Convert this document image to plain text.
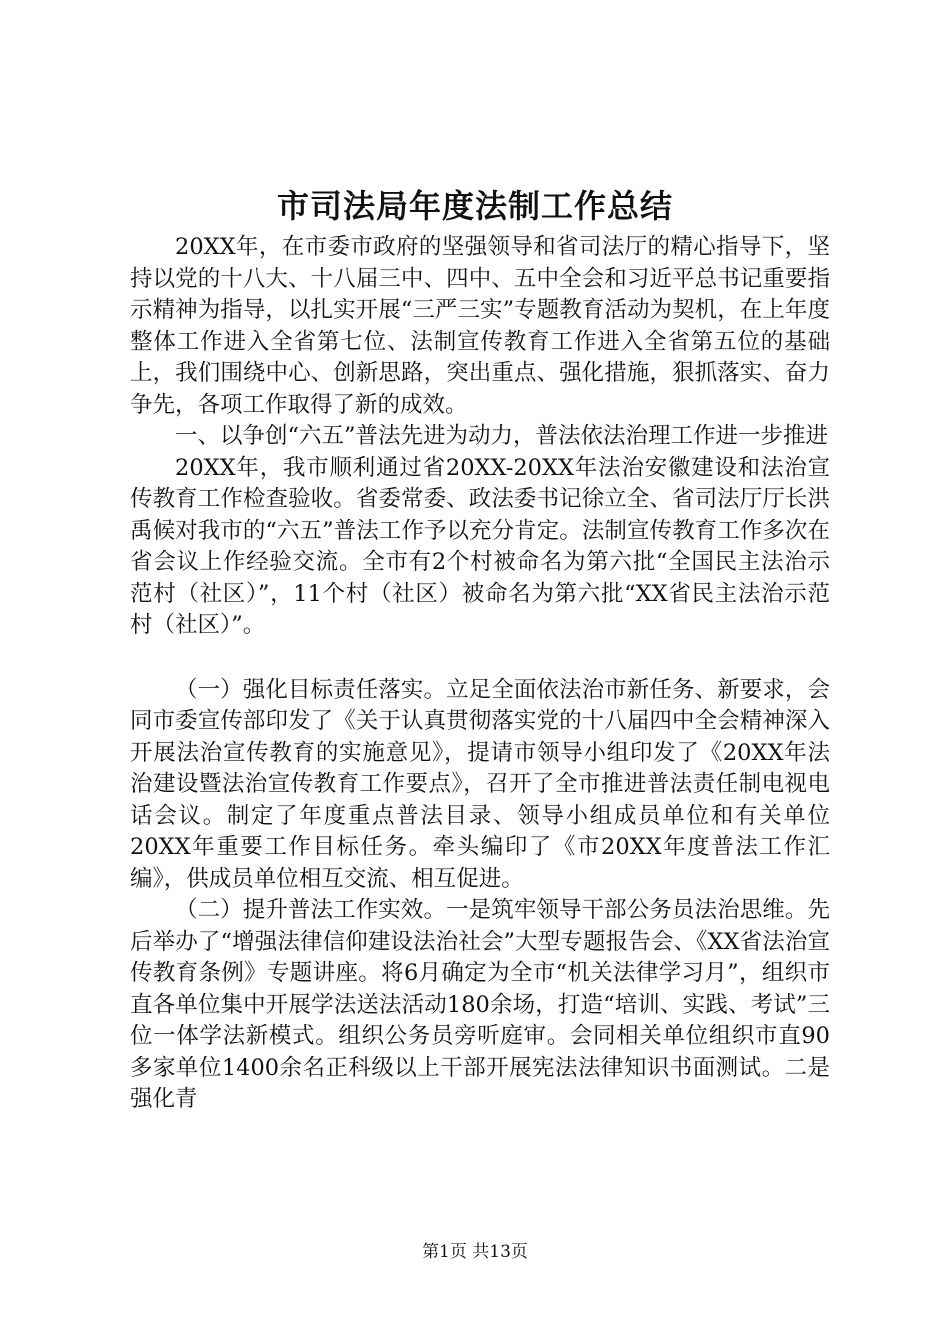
市司法局年度法制工作总结

20XX年，在市委市政府的坚强领导和省司法厅的精心指导下，坚持以党的十八大、十八届三中、四中、五中全会和习近平总书记重要指示精神为指导，以扎实开展“三严三实”专题教育活动为契机，在上年度整体工作进入全省第七位、法制宣传教育工作进入全省第五位的基础上，我们围绕中心、创新思路，突出重点、强化措施，狠抓落实、奋力争先，各项工作取得了新的成效。

一、以争创“六五”普法先进为动力，普法依法治理工作进一步推进

20XX年，我市顺利通过省20XX-20XX年法治安徽建设和法治宣传教育工作检查验收。省委常委、政法委书记徐立全、省司法厅厅长洪禹候对我市的“六五”普法工作予以充分肯定。法制宣传教育工作多次在省会议上作经验交流。全市有2个村被命名为第六批“全国民主法治示范村（社区）”，11个村（社区）被命名为第六批“XX省民主法治示范村（社区）”。

（一）强化目标责任落实。立足全面依法治市新任务、新要求，会同市委宣传部印发了《关于认真贯彻落实党的十八届四中全会精神深入开展法治宣传教育的实施意见》，提请市领导小组印发了《20XX年法治建设暨法治宣传教育工作要点》，召开了全市推进普法责任制电视电话会议。制定了年度重点普法目录、领导小组成员单位和有关单位20XX年重要工作目标任务。牵头编印了《市20XX年度普法工作汇编》，供成员单位相互交流、相互促进。

（二）提升普法工作实效。一是筑牢领导干部公务员法治思维。先后举办了“增强法律信仰建设法治社会”大型专题报告会、《XX省法治宣传教育条例》专题讲座。将6月确定为全市“机关法律学习月”，组织市直各单位集中开展学法送法活动180余场，打造“培训、实践、考试”三位一体学法新模式。组织公务员旁听庭审。会同相关单位组织市直90多家单位1400余名正科级以上干部开展宪法法律知识书面测试。二是强化青

第1页 共13页
